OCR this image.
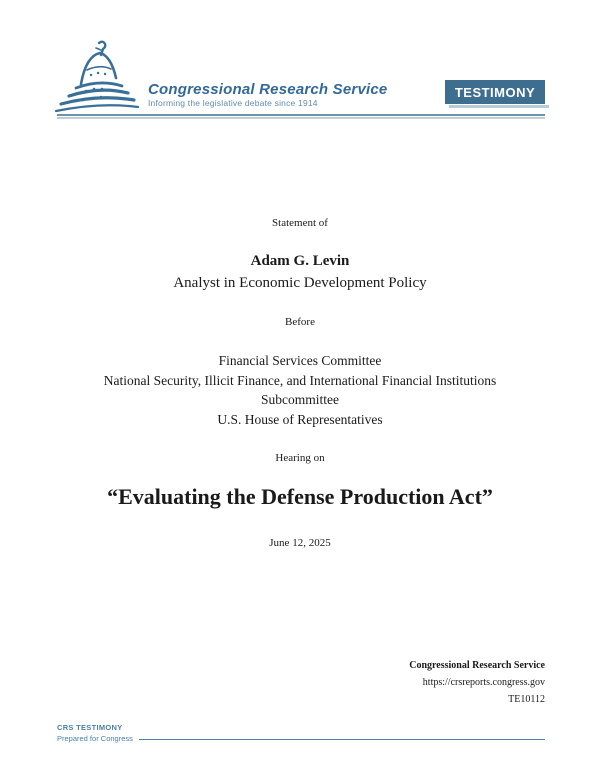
Congressional Research Service
Informing the legislative debate since 1914
TESTIMONY
Statement of
Adam G. Levin
Analyst in Economic Development Policy
Before
Financial Services Committee
National Security, Illicit Finance, and International Financial Institutions
Subcommittee
U.S. House of Representatives
Hearing on
“Evaluating the Defense Production Act”
June 12, 2025
Congressional Research Service
https://crsreports.congress.gov
TE10112
CRS TESTIMONY
Prepared for Congress
